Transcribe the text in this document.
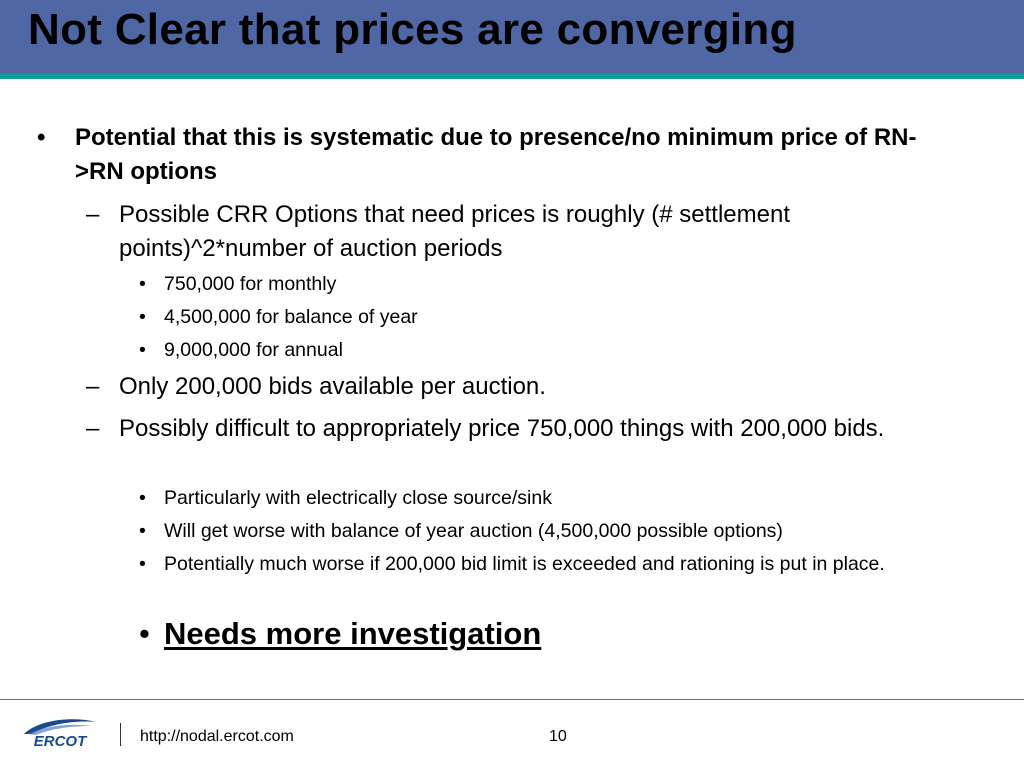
Not Clear that prices are converging
• Potential that this is systematic due to presence/no minimum price of RN->RN options

– Possible CRR Options that need prices is roughly (# settlement points)^2*number of auction periods

• 750,000 for monthly

• 4,500,000 for balance of year

• 9,000,000 for annual

– Only 200,000 bids available per auction.

– Possibly difficult to appropriately price 750,000 things with 200,000 bids.

• Particularly with electrically close source/sink

• Will get worse with balance of year auction (4,500,000 possible options)

• Potentially much worse if 200,000 bid limit is exceeded and rationing is put in place.

• Needs more investigation

ERCOT	http://nodal.ercot.com	10
